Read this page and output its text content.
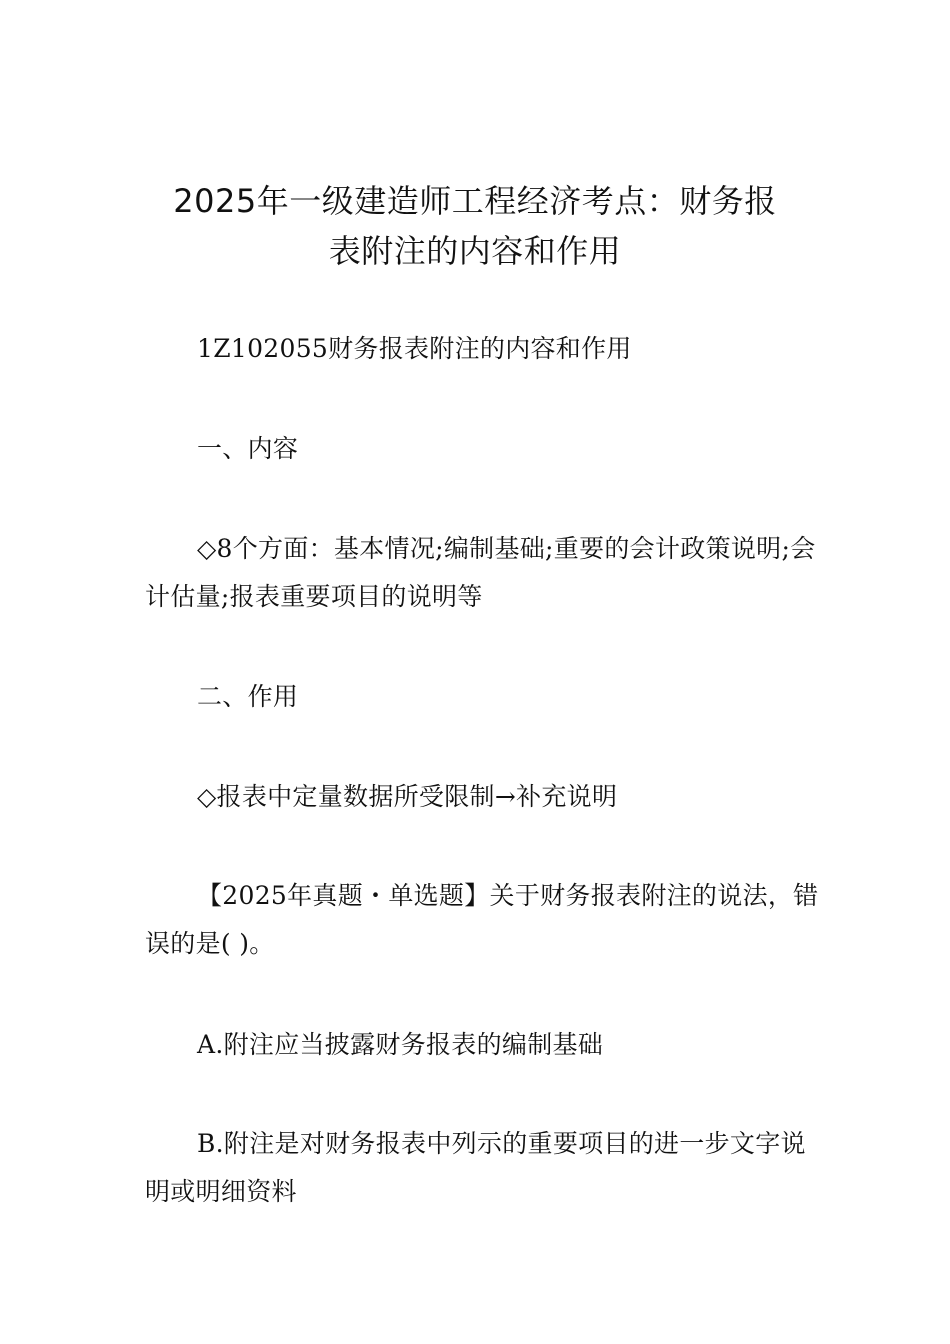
2025年一级建造师工程经济考点：财务报
表附注的内容和作用

1Z102055财务报表附注的内容和作用

一、内容

◇8个方面：基本情况;编制基础;重要的会计政策说明;会计估量;报表重要项目的说明等

二、作用

◇报表中定量数据所受限制→补充说明

【2025年真题・单选题】关于财务报表附注的说法，错误的是( )。

A.附注应当披露财务报表的编制基础

B.附注是对财务报表中列示的重要项目的进一步文字说明或明细资料
